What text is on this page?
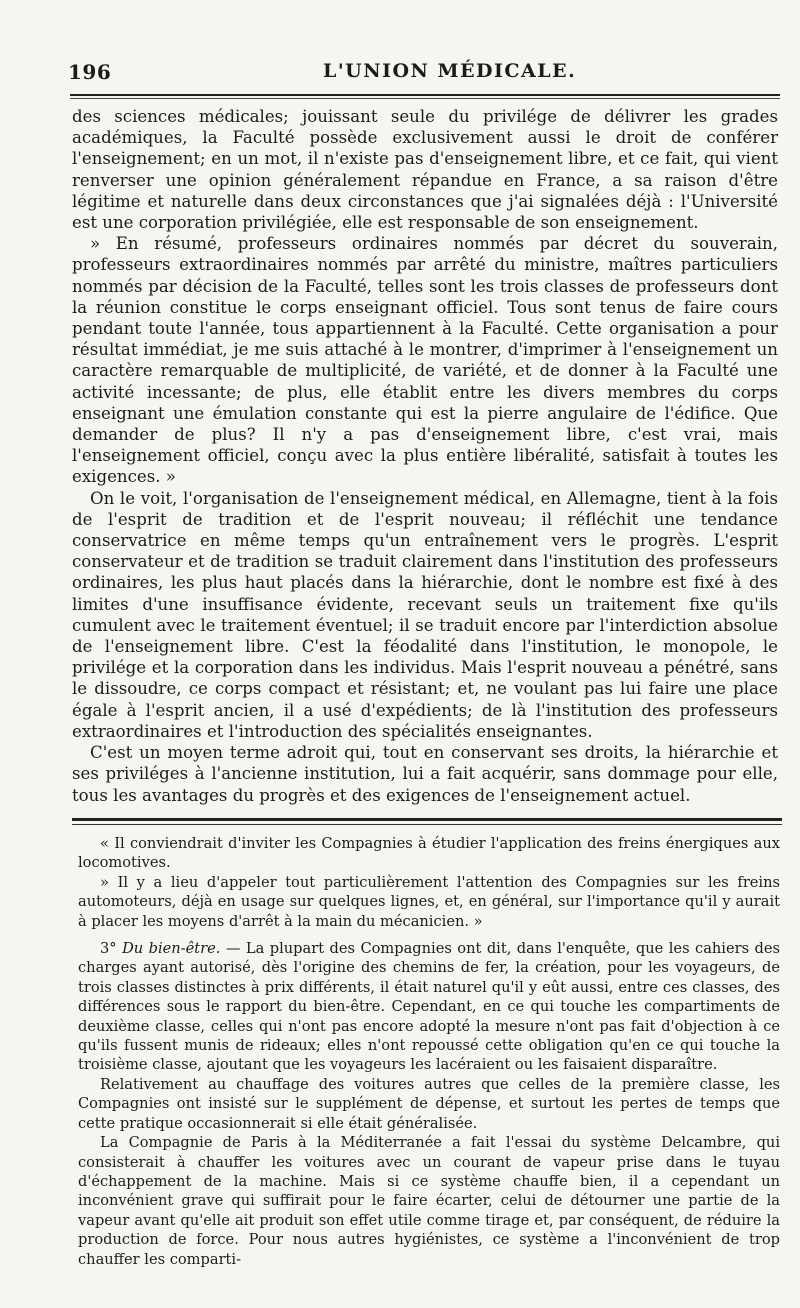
196	L'UNION MÉDICALE.

des sciences médicales; jouissant seule du privilége de délivrer les grades académiques, la Faculté possède exclusivement aussi le droit de conférer l'enseignement; en un mot, il n'existe pas d'enseignement libre, et ce fait, qui vient renverser une opinion généralement répandue en France, a sa raison d'être légitime et naturelle dans deux circonstances que j'ai signalées déjà : l'Université est une corporation privilégiée, elle est responsable de son enseignement.

» En résumé, professeurs ordinaires nommés par décret du souverain, professeurs extraordinaires nommés par arrêté du ministre, maîtres particuliers nommés par décision de la Faculté, telles sont les trois classes de professeurs dont la réunion constitue le corps enseignant officiel. Tous sont tenus de faire cours pendant toute l'année, tous appartiennent à la Faculté. Cette organisation a pour résultat immédiat, je me suis attaché à le montrer, d'imprimer à l'enseignement un caractère remarquable de multiplicité, de variété, et de donner à la Faculté une activité incessante; de plus, elle établit entre les divers membres du corps enseignant une émulation constante qui est la pierre angulaire de l'édifice. Que demander de plus? Il n'y a pas d'enseignement libre, c'est vrai, mais l'enseignement officiel, conçu avec la plus entière libéralité, satisfait à toutes les exigences. »

On le voit, l'organisation de l'enseignement médical, en Allemagne, tient à la fois de l'esprit de tradition et de l'esprit nouveau; il réfléchit une tendance conservatrice en même temps qu'un entraînement vers le progrès. L'esprit conservateur et de tradition se traduit clairement dans l'institution des professeurs ordinaires, les plus haut placés dans la hiérarchie, dont le nombre est fixé à des limites d'une insuffisance évidente, recevant seuls un traitement fixe qu'ils cumulent avec le traitement éventuel; il se traduit encore par l'interdiction absolue de l'enseignement libre. C'est la féodalité dans l'institution, le monopole, le privilége et la corporation dans les individus. Mais l'esprit nouveau a pénétré, sans le dissoudre, ce corps compact et résistant; et, ne voulant pas lui faire une place égale à l'esprit ancien, il a usé d'expédients; de là l'institution des professeurs extraordinaires et l'introduction des spécialités enseignantes.

C'est un moyen terme adroit qui, tout en conservant ses droits, la hiérarchie et ses priviléges à l'ancienne institution, lui a fait acquérir, sans dommage pour elle, tous les avantages du progrès et des exigences de l'enseignement actuel.

« Il conviendrait d'inviter les Compagnies à étudier l'application des freins énergiques aux locomotives.

» Il y a lieu d'appeler tout particulièrement l'attention des Compagnies sur les freins automoteurs, déjà en usage sur quelques lignes, et, en général, sur l'importance qu'il y aurait à placer les moyens d'arrêt à la main du mécanicien. »

3° Du bien-être. — La plupart des Compagnies ont dit, dans l'enquête, que les cahiers des charges ayant autorisé, dès l'origine des chemins de fer, la création, pour les voyageurs, de trois classes distinctes à prix différents, il était naturel qu'il y eût aussi, entre ces classes, des différences sous le rapport du bien-être. Cependant, en ce qui touche les compartiments de deuxième classe, celles qui n'ont pas encore adopté la mesure n'ont pas fait d'objection à ce qu'ils fussent munis de rideaux; elles n'ont repoussé cette obligation qu'en ce qui touche la troisième classe, ajoutant que les voyageurs les lacéraient ou les faisaient disparaître.

Relativement au chauffage des voitures autres que celles de la première classe, les Compagnies ont insisté sur le supplément de dépense, et surtout les pertes de temps que cette pratique occasionnerait si elle était généralisée.

La Compagnie de Paris à la Méditerranée a fait l'essai du système Delcambre, qui consisterait à chauffer les voitures avec un courant de vapeur prise dans le tuyau d'échappement de la machine. Mais si ce système chauffe bien, il a cependant un inconvénient grave qui suffirait pour le faire écarter, celui de détourner une partie de la vapeur avant qu'elle ait produit son effet utile comme tirage et, par conséquent, de réduire la production de force. Pour nous autres hygiénistes, ce système a l'inconvénient de trop chauffer les comparti-
